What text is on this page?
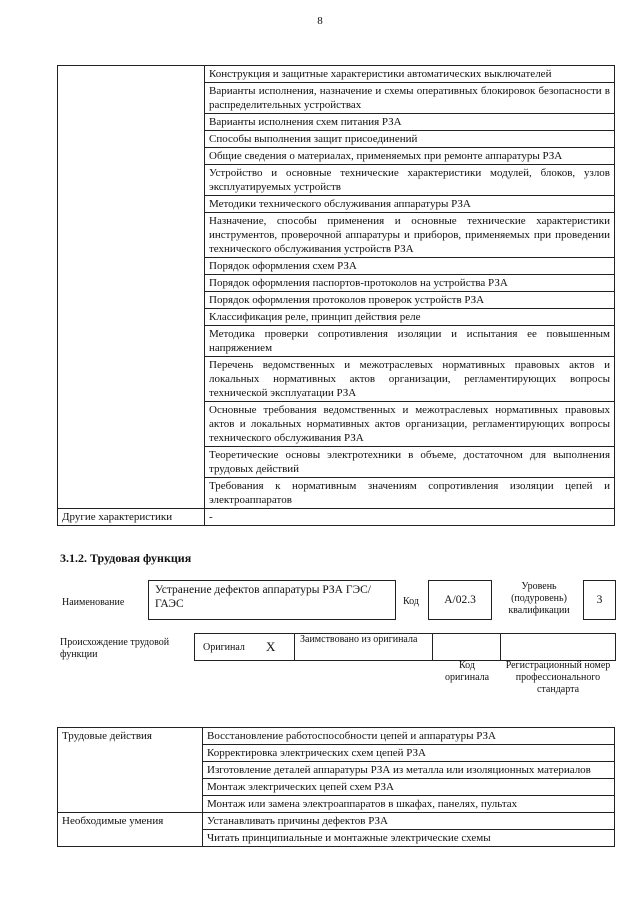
8
	Конструкция и защитные характеристики автоматических выключателей
	Варианты исполнения, назначение и схемы оперативных блокировок безопасности в распределительных устройствах
	Варианты исполнения схем питания РЗА
	Способы выполнения защит присоединений
	Общие сведения о материалах, применяемых при ремонте аппаратуры РЗА
	Устройство и основные технические характеристики модулей, блоков, узлов эксплуатируемых устройств
	Методики технического обслуживания аппаратуры РЗА
	Назначение, способы применения и основные технические характеристики инструментов, проверочной аппаратуры и приборов, применяемых при проведении технического обслуживания устройств РЗА
	Порядок оформления схем РЗА
	Порядок оформления паспортов-протоколов на устройства РЗА
	Порядок оформления протоколов проверок устройств РЗА
	Классификация реле, принцип действия реле
	Методика проверки сопротивления изоляции и испытания ее повышенным напряжением
	Перечень ведомственных и межотраслевых нормативных правовых актов и локальных нормативных актов организации, регламентирующих вопросы технической эксплуатации РЗА
	Основные требования ведомственных и межотраслевых нормативных правовых актов и локальных нормативных актов организации, регламентирующих вопросы технического обслуживания РЗА
	Теоретические основы электротехники в объеме, достаточном для выполнения трудовых действий
	Требования к нормативным значениям сопротивления изоляции цепей и электроаппаратов
Другие характеристики	-
3.1.2. Трудовая функция
Наименование
Устранение дефектов аппаратуры РЗА ГЭС/ГАЭС	Код	A/02.3
Уровень (подуровень) квалификации
3
Происхождение трудовой функции
Оригинал X Заимствовано из оригинала
Код оригинала
Регистрационный номер профессионального стандарта
Трудовые действия	Восстановление работоспособности цепей и аппаратуры РЗА
	Корректировка электрических схем цепей РЗА
	Изготовление деталей аппаратуры РЗА из металла или изоляционных материалов
	Монтаж электрических цепей схем РЗА
	Монтаж или замена электроаппаратов в шкафах, панелях, пультах
Необходимые умения	Устанавливать причины дефектов РЗА
	Читать принципиальные и монтажные электрические схемы
